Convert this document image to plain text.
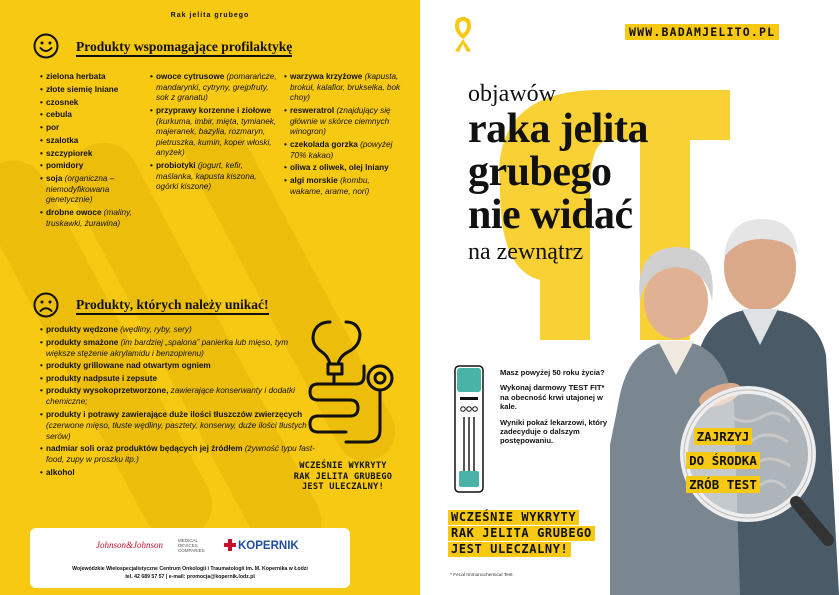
Rak jelita grubego
Produkty wspomagające profilaktykę
• zielona herbata
• złote siemię lniane
• czosnek
• cebula
• por
• szalotka
• szczypiorek
• pomidory
• soja (organiczna – niemodyfikowana genetycznie)
• drobne owoce (maliny, truskawki, żurawina)
• owoce cytrusowe (pomarańcze, mandarynki, cytryny, grejpfruty, sok z granatu)
• przyprawy korzenne i ziołowe (kurkuma, imbir, mięta, tymianek, majeranek, bazylia, rozmaryn, pietruszka, kumin, koper włoski, anyżek)
• probiotyki (jogurt, kefir, maślanka, kapusta kiszona, ogórki kiszone)
• warzywa krzyżowe (kapusta, brokuł, kalafior, brukselka, bok choy)
• resweratrol (znajdujący się głównie w skórce ciemnych winogron)
• czekolada gorzka (powyżej 70% kakao)
• oliwa z oliwek, olej lniany
• algi morskie (kombu, wakame, arame, nori)
Produkty, których należy unikać!
• produkty wędzone (wędliny, ryby, sery)
• produkty smażone (im bardziej „spalona” panierka lub mięso, tym większe stężenie akrylamidu i benzopirenu)
• produkty grillowane nad otwartym ogniem
• produkty nadpsute i zepsute
• produkty wysokoprzetworzone, zawierające konserwanty i dodatki chemiczne;
• produkty i potrawy zawierające duże ilości tłuszczów zwierzęcych (czerwone mięso, tłuste wędliny, pasztety, konserwy, duże ilości tłustych serów)
• nadmiar soli oraz produktów będących jej źródłem (żywność typu fast-food, zupy w proszku itp.)
• alkohol
WCZEŚNIE WYKRYTY
RAK JELITA GRUBEGO
JEST ULECZALNY!
Johnson&Johnson	MEDICAL
DEVICES
COMPANIES	KOPERNIK
Wojewódzkie Wielospecjalistyczne Centrum Onkologii i Traumatologii im. M. Kopernika w Łodzi
tel. 42 689 57 57 | e-mail: promocja@kopernik.lodz.pl
WWW.BADAMJELITO.PL
objawów
raka jelita
grubego
nie widać
na zewnątrz

Masz powyżej 50 roku życia?

Wykonaj darmowy TEST FIT* na obecność krwi utajonej w kale.

Wyniki pokaż lekarzowi, który zadecyduje o dalszym postępowaniu.	ZAJRZYJ
DO ŚRODKA
ZRÓB TEST
WCZEŚNIE WYKRYTY
RAK JELITA GRUBEGO
JEST ULECZALNY!
* Fecal Immunochemical Test
